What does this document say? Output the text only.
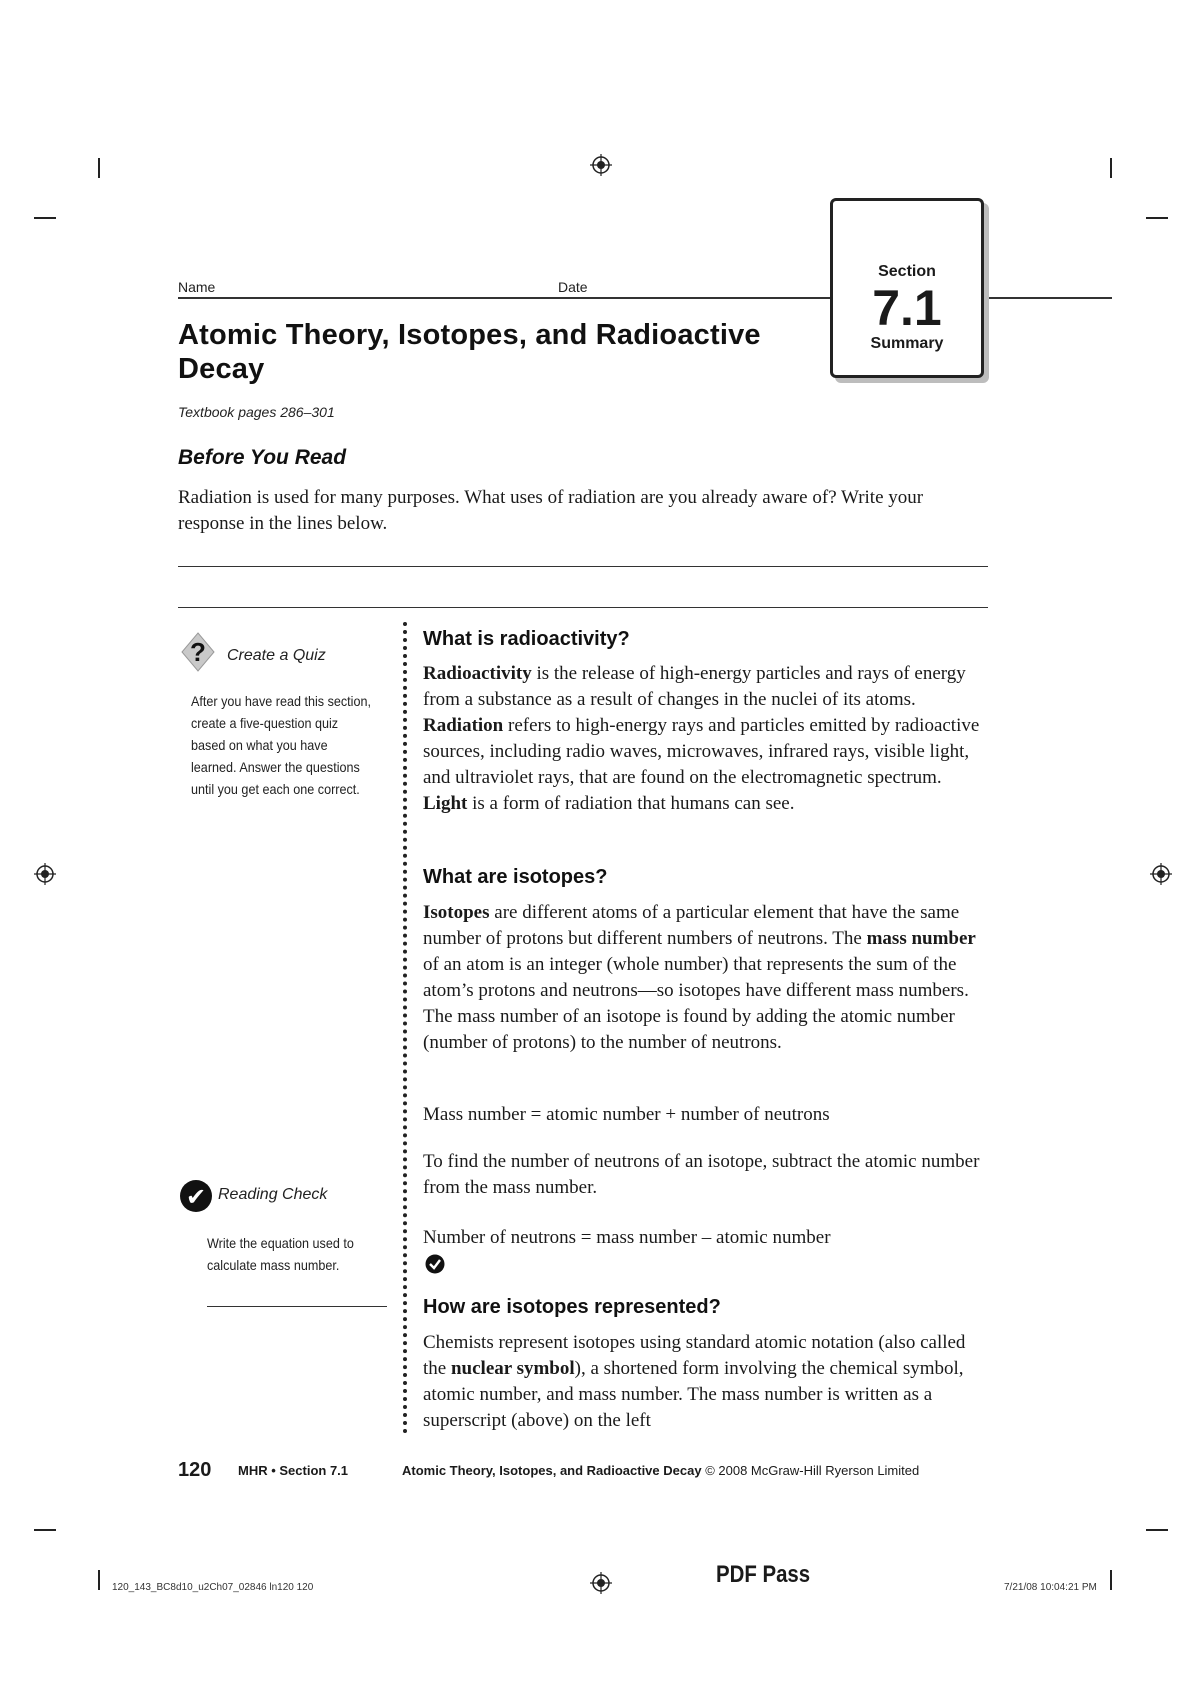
Name	Date
Section
7.1
Summary
Atomic Theory, Isotopes, and Radioactive Decay
Textbook pages 286–301
Before You Read
Radiation is used for many purposes. What uses of radiation are you already aware of? Write your response in the lines below.
? Create a Quiz
After you have read this section, create a five-question quiz based on what you have learned. Answer the questions until you get each one correct.
✔ Reading Check
Write the equation used to calculate mass number.
What is radioactivity?
Radioactivity is the release of high-energy particles and rays of energy from a substance as a result of changes in the nuclei of its atoms. Radiation refers to high-energy rays and particles emitted by radioactive sources, including radio waves, microwaves, infrared rays, visible light, and ultraviolet rays, that are found on the electromagnetic spectrum. Light is a form of radiation that humans can see.
What are isotopes?
Isotopes are different atoms of a particular element that have the same number of protons but different numbers of neutrons. The mass number of an atom is an integer (whole number) that represents the sum of the atom’s protons and neutrons—so isotopes have different mass numbers. The mass number of an isotope is found by adding the atomic number (number of protons) to the number of neutrons.
Mass number = atomic number + number of neutrons
To find the number of neutrons of an isotope, subtract the atomic number from the mass number.
Number of neutrons = mass number – atomic number
How are isotopes represented?
Chemists represent isotopes using standard atomic notation (also called the nuclear symbol), a shortened form involving the chemical symbol, atomic number, and mass number. The mass number is written as a superscript (above) on the left
120 MHR • Section 7.1	Atomic Theory, Isotopes, and Radioactive Decay © 2008 McGraw-Hill Ryerson Limited
120_143_BC8d10_u2Ch07_02846 ln120 120	PDF Pass	7/21/08 10:04:21 PM
